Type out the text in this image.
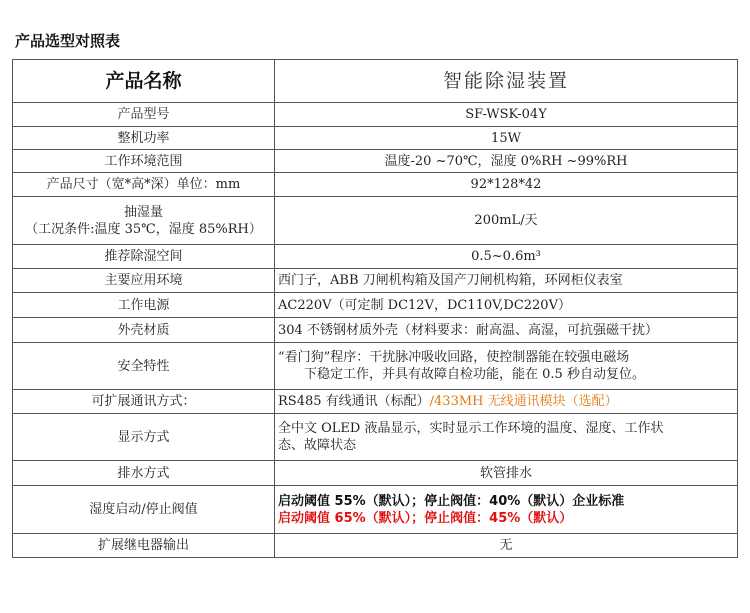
产品选型对照表
产品名称	智能除湿装置
产品型号	SF-WSK-04Y
整机功率	15W
工作环境范围	温度-20 ~70℃，湿度 0%RH ~99%RH
产品尺寸（宽*高*深）单位：mm	92*128*42

抽湿量
（工况条件:温度 35℃，湿度 85%RH）	200mL/天
推荐除湿空间	0.5~0.6m³
主要应用环境	西门子，ABB 刀闸机构箱及国产刀闸机构箱，环网柜仪表室
工作电源	AC220V（可定制 DC12V，DC110V,DC220V）
外壳材质	304 不锈钢材质外壳（材料要求：耐高温、高湿，可抗强磁干扰）
安全特性	“看门狗”程序：干扰脉冲吸收回路，使控制器能在较强电磁场
下稳定工作，并具有故障自检功能，能在 0.5 秒自动复位。

可扩展通讯方式：	RS485 有线通讯（标配）/433MH 无线通讯模块（选配）
显示方式	全中文 OLED 液晶显示，实时显示工作环境的温度、湿度、工作状
态、故障状态

排水方式	软管排水
湿度启动/停止阀值	启动阈值 55%（默认）；停止阀值：40%（默认）企业标准
启动阈值 65%（默认）；停止阀值：45%（默认）

扩展继电器输出	无
